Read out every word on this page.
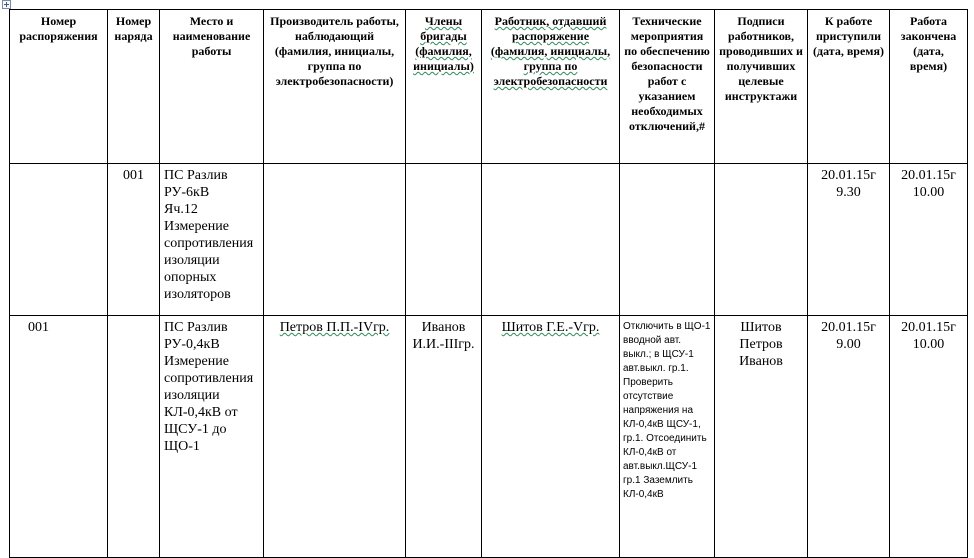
Номер распоряжения	Номер наряда	Место и наименование работы	Производитель работы, наблюдающий (фамилия, инициалы, группа по электробезопасности)	Члены бригады (фамилия, инициалы)	Работник, отдавший распоряжение (фамилия, инициалы, группа по электробезопасности	Технические мероприятия по обеспечению безопасности работ с указанием необходимых отключений,#	Подписи работников, проводивших и получивших целевые инструктажи	К работе приступили (дата, время)	Работа закончена (дата, время)
	001	ПС Разлив
РУ-6кВ
Яч.12
Измерение сопротивления изоляции опорных изоляторов						20.01.15г
9.30	20.01.15г
10.00
001		ПС Разлив
РУ-0,4кВ
Измерение сопротивления изоляции КЛ-0,4кВ от ЩСУ-1 до ЩО-1	Петров П.П.-IVгр.	Иванов И.И.-IIIгр.	Шитов Г.Е.-Vгр.	Отключить в ЩО-1 вводной авт. выкл.; в ЩСУ-1 авт.выкл. гр.1. Проверить отсутствие напряжения на КЛ-0,4кВ ЩСУ-1, гр.1. Отсоединить КЛ-0,4кВ от авт.выкл.ЩСУ-1 гр.1 Заземлить КЛ-0,4кВ	Шитов
Петров
Иванов	20.01.15г
9.00	20.01.15г
10.00
